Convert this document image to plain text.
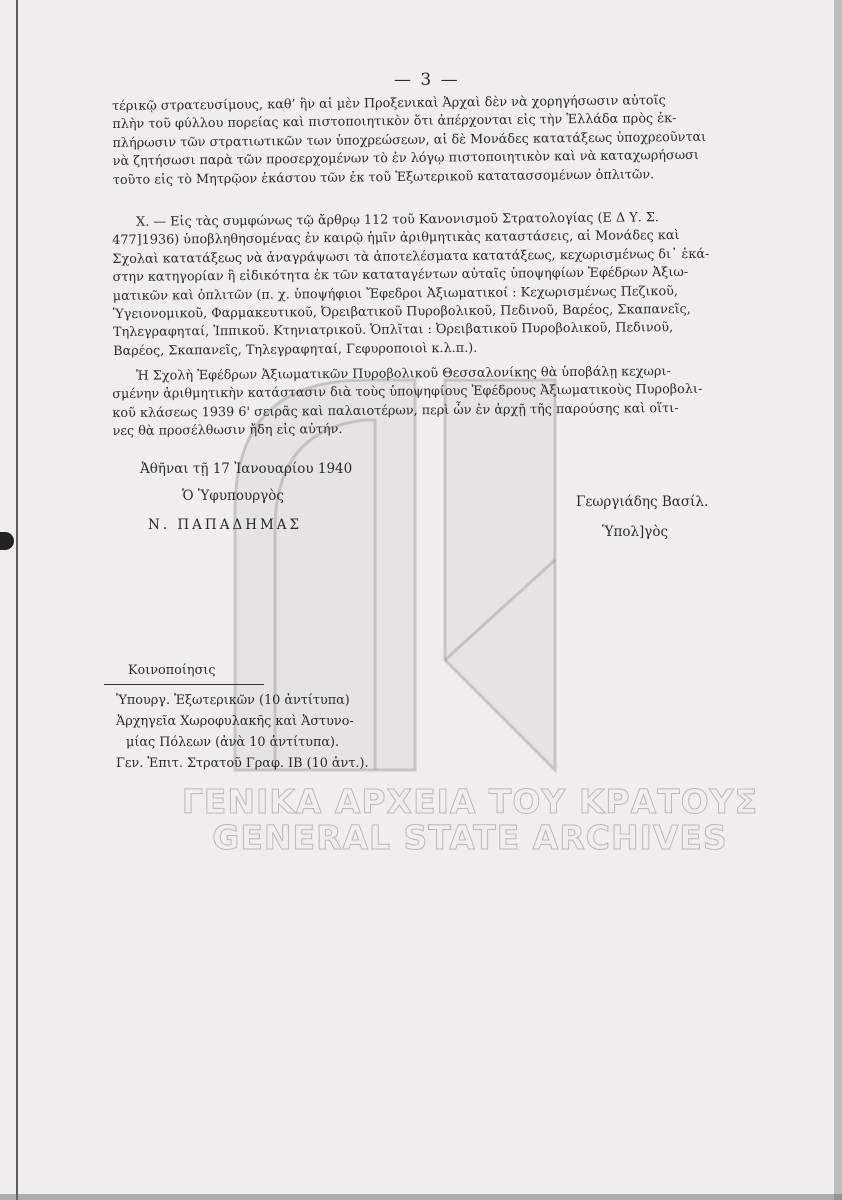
ΓΕΝΙΚΑ ΑΡΧΕΙΑ ΤΟΥ ΚΡΑΤΟΥΣ
GENERAL STATE ARCHIVES
— 3 —
τέρικῷ στρατευσίμους, καθ’ ἣν αἱ μὲν Προξενικαὶ Ἀρχαὶ δὲν νὰ χορηγήσωσιν αὐτοῖς
πλὴν τοῦ φύλλου πορείας καὶ πιστοποιητικὸν ὅτι ἀπέρχονται εἰς τὴν Ἑλλάδα πρὸς ἐκ-
πλήρωσιν τῶν στρατιωτικῶν των ὑποχρεώσεων, αἱ δὲ Μονάδες κατατάξεως ὑποχρεοῦνται
νὰ ζητήσωσι παρὰ τῶν προσερχομένων τὸ ἐν λόγῳ πιστοποιητικὸν καὶ νὰ καταχωρήσωσι
τοῦτο εἰς τὸ Μητρῷον ἑκάστου τῶν ἐκ τοῦ Ἐξωτερικοῦ κατατασσομένων ὁπλιτῶν.
Χ. — Εἰς τὰς συμφώνως τῷ ἄρθρῳ 112 τοῦ Κανονισμοῦ Στρατολογίας (Ε Δ Υ. Σ.
477]1936) ὑποβληθησομένας ἐν καιρῷ ἡμῖν ἀριθμητικὰς καταστάσεις, αἱ Μονάδες καὶ
Σχολαὶ κατατάξεως νὰ ἀναγράψωσι τὰ ἀποτελέσματα κατατάξεως, κεχωρισμένως δι᾿ ἑκά-
στην κατηγορίαν ἢ εἰδικότητα ἐκ τῶν καταταγέντων αὐταῖς ὑποψηφίων Ἐφέδρων Ἀξιω-
ματικῶν καὶ ὁπλιτῶν (π. χ. ὑποψήφιοι Ἔφεδροι Ἀξιωματικοί : Κεχωρισμένως Πεζικοῦ,
Ὑγειονομικοῦ, Φαρμακευτικοῦ, Ὀρειβατικοῦ Πυροβολικοῦ, Πεδινοῦ, Βαρέος, Σκαπανεῖς,
Τηλεγραφηταί, Ἱππικοῦ. Κτηνιατρικοῦ. Ὁπλῖται : Ὀρειβατικοῦ Πυροβολικοῦ, Πεδινοῦ,
Βαρέος, Σκαπανεῖς, Τηλεγραφηταί, Γεφυροποιοὶ κ.λ.π.).
Ἡ Σχολὴ Ἐφέδρων Ἀξιωματικῶν Πυροβολικοῦ Θεσσαλονίκης θὰ ὑποβάλῃ κεχωρι-
σμένην ἀριθμητικὴν κατάστασιν διὰ τοὺς ὑποψηφίους Ἐφέδρους Ἀξιωματικοὺς Πυροβολι-
κοῦ κλάσεως 1939 6' σειρᾶς καὶ παλαιοτέρων, περὶ ὧν ἐν ἀρχῇ τῆς παρούσης καὶ οἵτι-
νες θὰ προσέλθωσιν ἤδη εἰς αὐτήν.
Ἀθῆναι τῇ 17 Ἰανουαρίου 1940
Ὁ Ὑφυπουργὸς
Ν. ΠΑΠΑΔΗΜΑΣ
Γεωργιάδης Βασίλ.
Ὑπολ]γὸς
Κοινοποίησις
Ὑπουργ. Ἐξωτερικῶν (10 ἀντίτυπα)
Ἀρχηγεῖα Χωροφυλακῆς καὶ Ἀστυνο-
μίας Πόλεων (ἀνὰ 10 ἀντίτυπα).
Γεν. Ἐπιτ. Στρατοῦ Γραφ. ΙΒ (10 ἀντ.).
